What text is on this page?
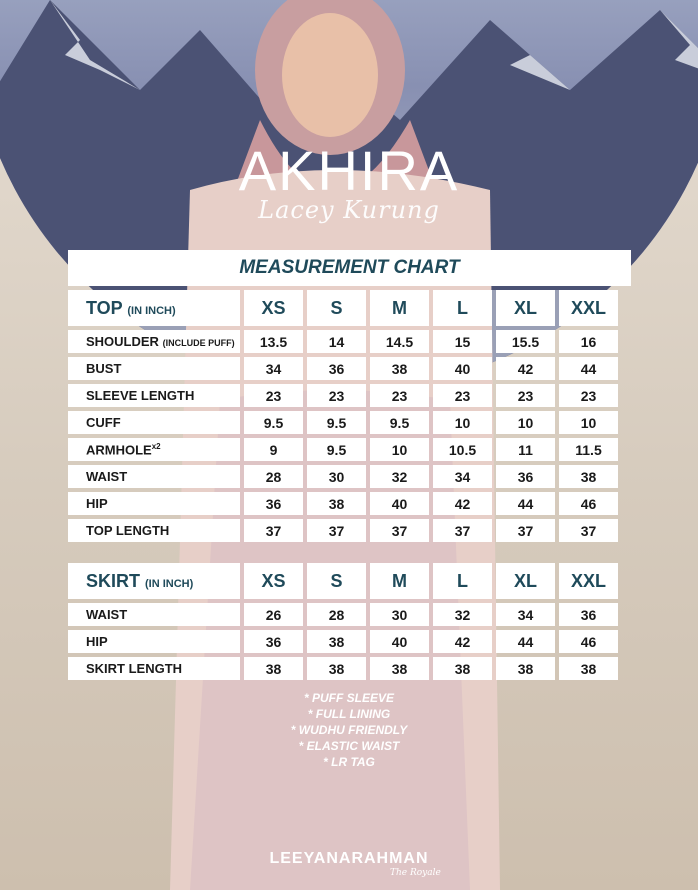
AKHIRA
Lacey Kurung
MEASUREMENT CHART
TOP (IN INCH)	XS	S	M	L	XL	XXL
SHOULDER (INCLUDE PUFF)	13.5	14	14.5	15	15.5	16
BUST	34	36	38	40	42	44
SLEEVE LENGTH	23	23	23	23	23	23
CUFF	9.5	9.5	9.5	10	10	10
$ARMHOLE^{x2}$	9	9.5	10	10.5	11	11.5
WAIST	28	30	32	34	36	38
HIP	36	38	40	42	44	46
TOP LENGTH	37	37	37	37	37	37
SKIRT (IN INCH)	XS	S	M	L	XL	XXL
WAIST	26	28	30	32	34	36
HIP	36	38	40	42	44	46
SKIRT LENGTH	38	38	38	38	38	38
* PUFF SLEEVE
* FULL LINING
* WUDHU FRIENDLY
* ELASTIC WAIST
* LR TAG
LEEYANARAHMAN
The Royale
